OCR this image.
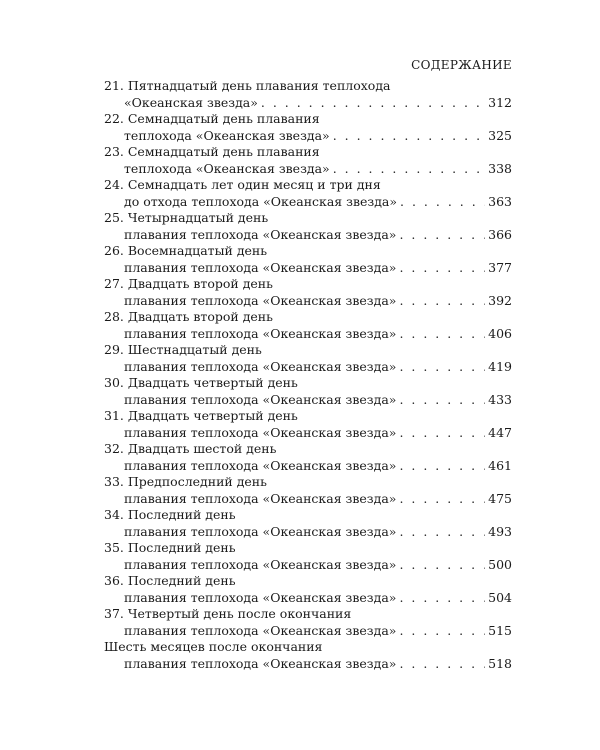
СОДЕРЖАНИЕ
21. Пятнадцатый день плавания теплохода
«Океанская звезда» . . .	312
22. Семнадцатый день плавания
теплохода «Океанская звезда» . . .	325
23. Семнадцатый день плавания
теплохода «Океанская звезда» . . .	338
24. Семнадцать лет один месяц и три дня
до отхода теплохода «Океанская звезда» . . .	363
25. Четырнадцатый день
плавания теплохода «Океанская звезда» . . .	366
26. Восемнадцатый день
плавания теплохода «Океанская звезда» . . .	377
27. Двадцать второй день
плавания теплохода «Океанская звезда» . . .	392
28. Двадцать второй день
плавания теплохода «Океанская звезда» . . .	406
29. Шестнадцатый день
плавания теплохода «Океанская звезда» . . .	419
30. Двадцать четвертый день
плавания теплохода «Океанская звезда» . . .	433
31. Двадцать четвертый день
плавания теплохода «Океанская звезда» . . .	447
32. Двадцать шестой день
плавания теплохода «Океанская звезда» . . .	461
33. Предпоследний день
плавания теплохода «Океанская звезда» . . .	475
34. Последний день
плавания теплохода «Океанская звезда» . . .	493
35. Последний день
плавания теплохода «Океанская звезда» . . .	500
36. Последний день
плавания теплохода «Океанская звезда» . . .	504
37. Четвертый день после окончания
плавания теплохода «Океанская звезда» . . .	515
Шесть месяцев после окончания
плавания теплохода «Океанская звезда» . . .	518
